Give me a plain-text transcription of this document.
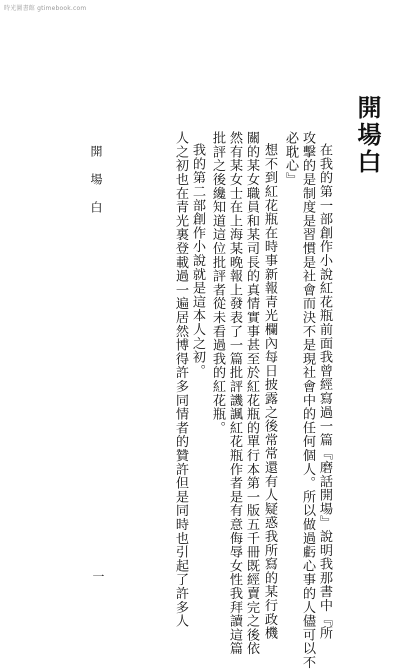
時光圖書館 gtimebook.com
開場白
在我的第一部創作小說紅花瓶前面我曾經寫過一篇『磨話開場』說明我那書中『所
攻擊的是制度是習慣是社會而決不是現社會中的任何個人。所以做過虧心事的人儘可以不
必耽心』
想不到紅花瓶在時事新報青光欄內每日披露之後常常還有人疑惑我所寫的某行政機
關的某女職員和某司長的真情實事甚至於紅花瓶的單行本第一版五千冊既經賣完之後依
然有某女士在上海某晚報上發表了一篇批評譏諷紅花瓶作者是有意侮辱女性我拜讀這篇
批評之後纔知道這位批評者從未看過我的紅花瓶。
我的第二部創作小說就是這本人之初。
人之初也在青光裏登載過一遍居然博得許多同情者的贊許但是同時也引起了許多人
開場白
一
